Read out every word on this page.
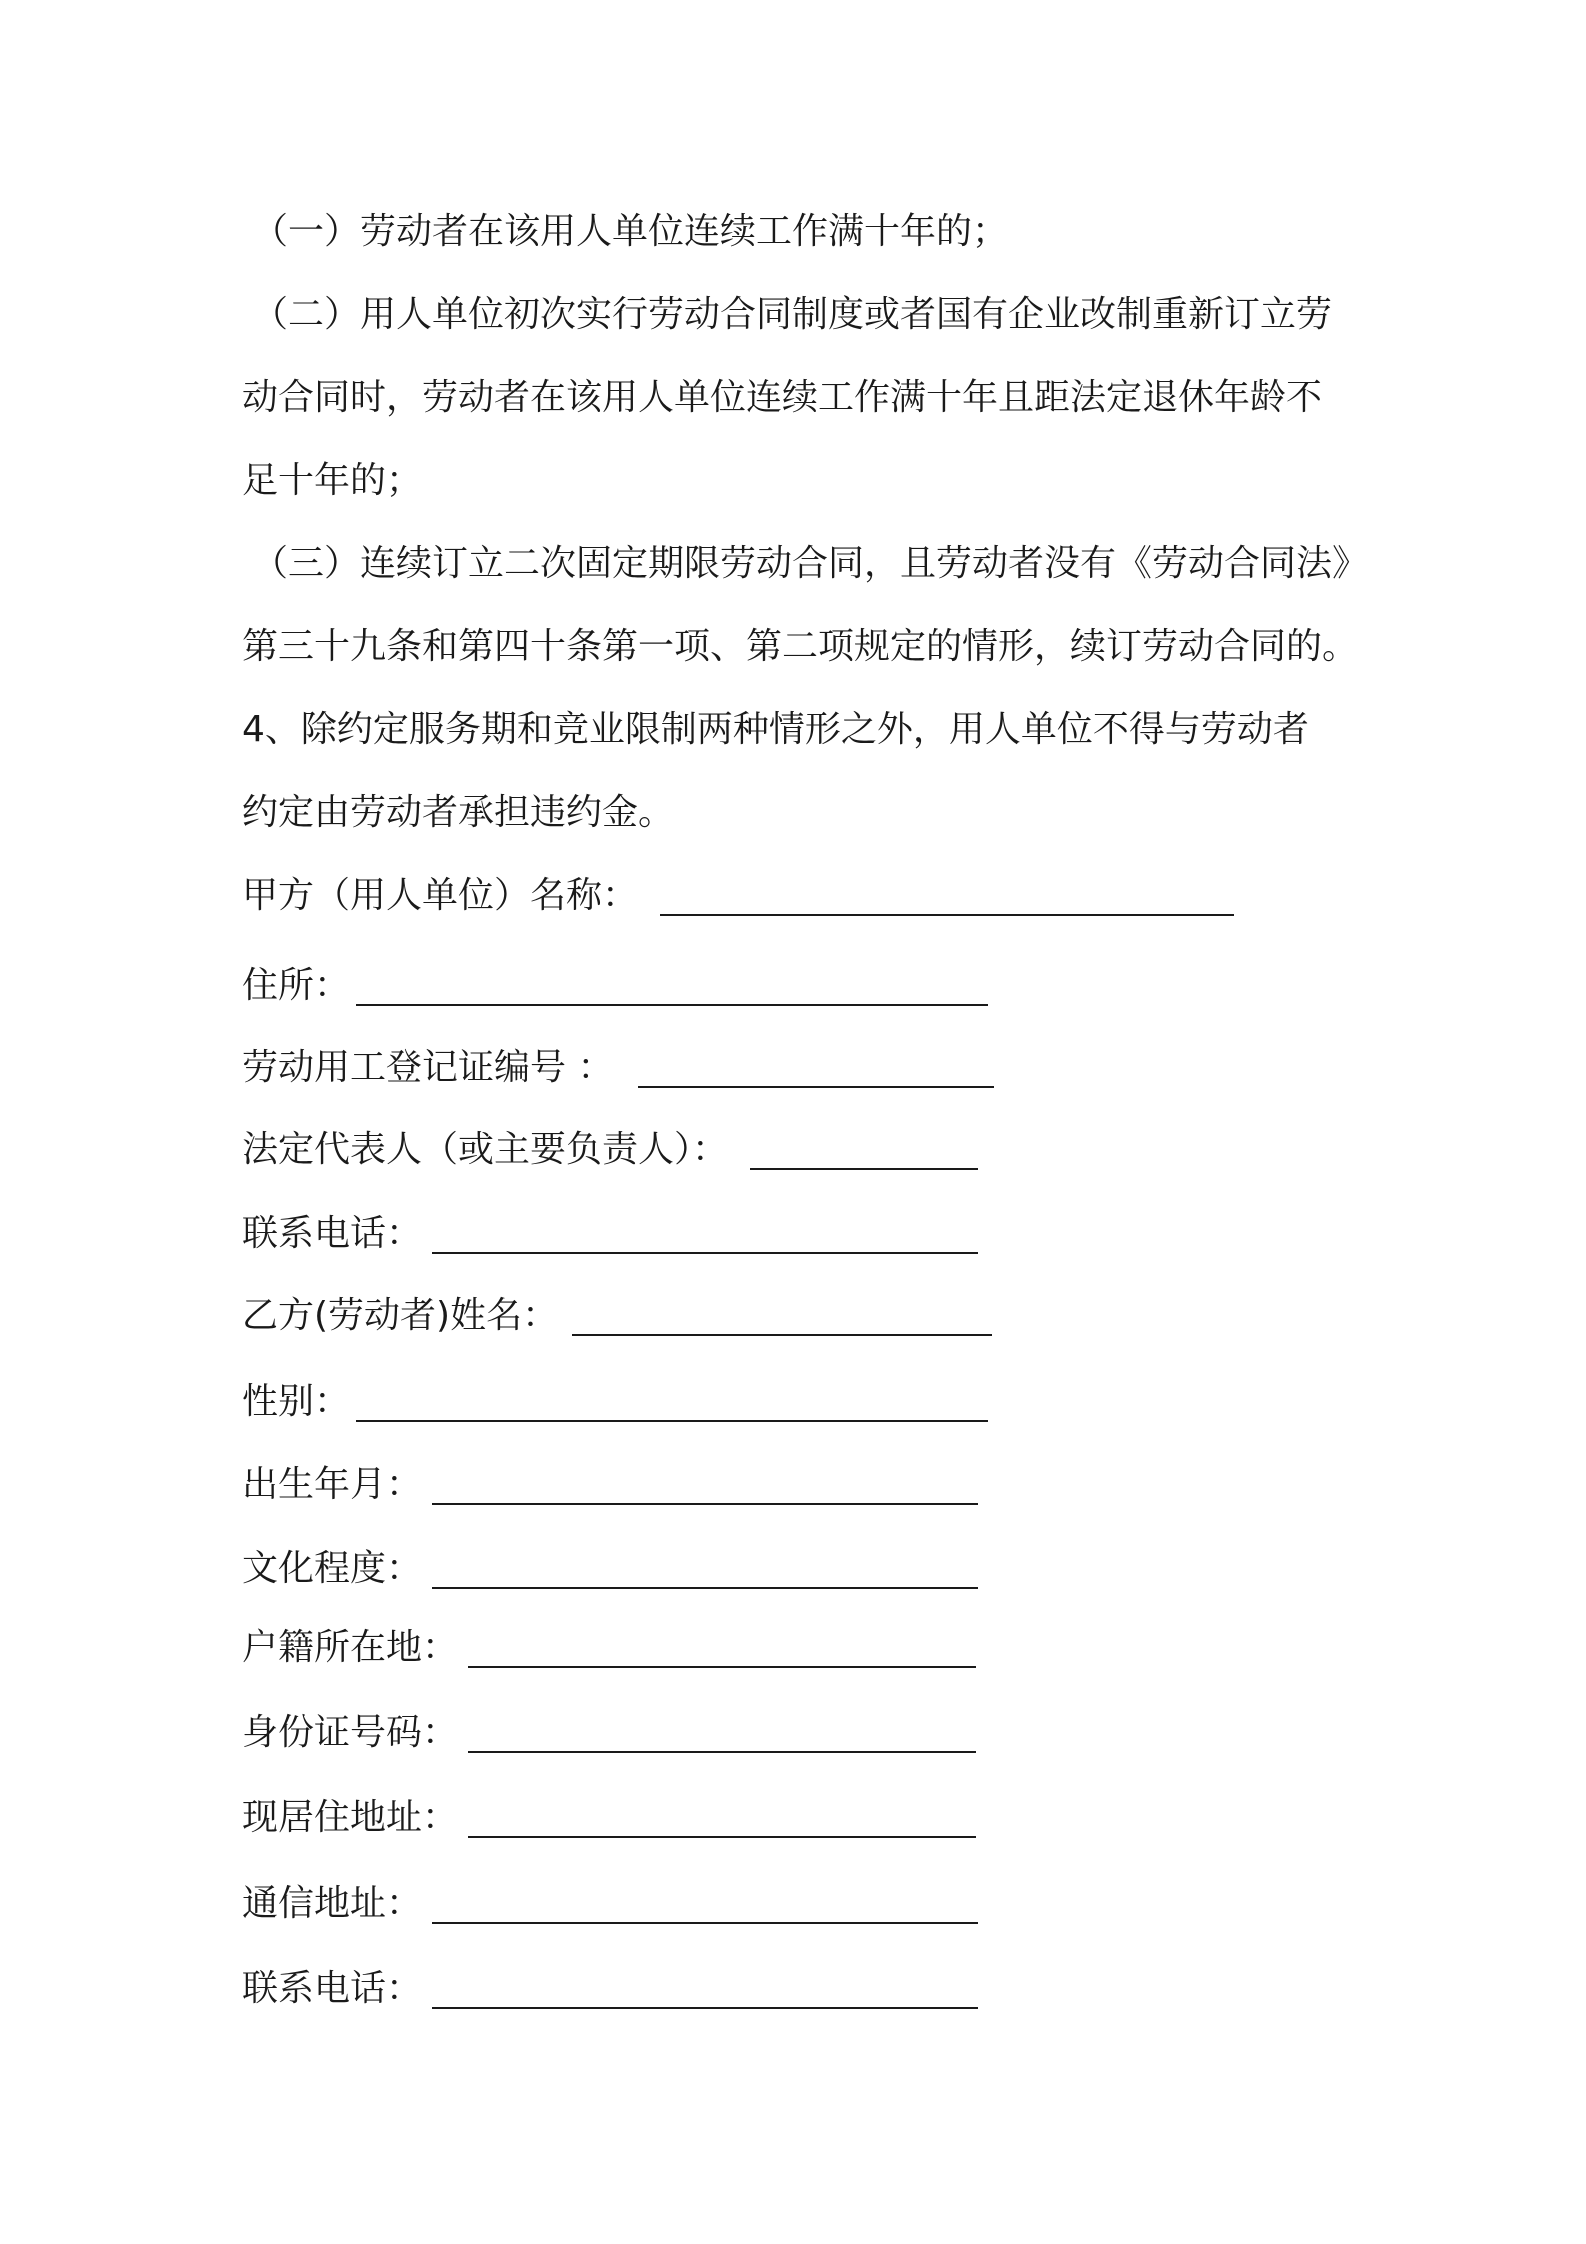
（一）劳动者在该用人单位连续工作满十年的；
（二）用人单位初次实行劳动合同制度或者国有企业改制重新订立劳
动合同时，劳动者在该用人单位连续工作满十年且距法定退休年龄不
足十年的；
（三）连续订立二次固定期限劳动合同，且劳动者没有《劳动合同法》
第三十九条和第四十条第一项、第二项规定的情形，续订劳动合同的。
4、除约定服务期和竞业限制两种情形之外，用人单位不得与劳动者
约定由劳动者承担违约金。
甲方（用人单位）名称：
住所：
劳动用工登记证编号 ：
法定代表人（或主要负责人）：
联系电话：
乙方(劳动者)姓名：
性别：
出生年月：
文化程度：
户籍所在地：
身份证号码：
现居住地址：
通信地址：
联系电话：
